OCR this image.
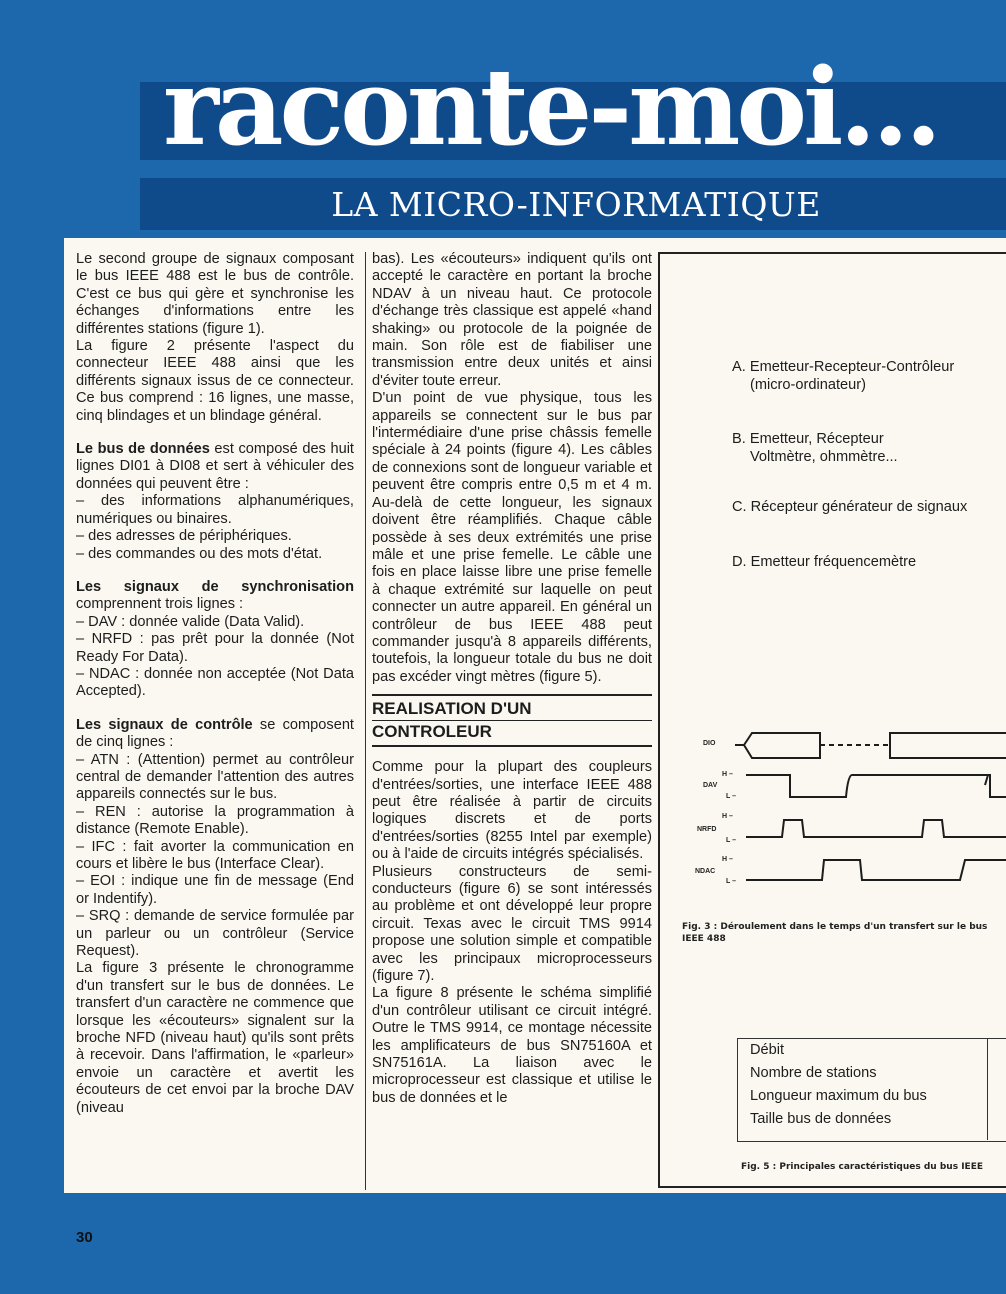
raconte-moi...
LA MICRO-INFORMATIQUE

Le second groupe de signaux composant le bus IEEE 488 est le bus de contrôle. C'est ce bus qui gère et synchronise les échanges d'informations entre les différentes stations (figure 1).

La figure 2 présente l'aspect du connecteur IEEE 488 ainsi que les différents signaux issus de ce connecteur. Ce bus comprend : 16 lignes, une masse, cinq blindages et un blindage général.

Le bus de données est composé des huit lignes DI01 à DI08 et sert à véhiculer des données qui peuvent être :

– des informations alphanumériques, numériques ou binaires.

– des adresses de périphériques.

– des commandes ou des mots d'état.

Les signaux de synchronisation comprennent trois lignes :

– DAV : donnée valide (Data Valid).

– NRFD : pas prêt pour la donnée (Not Ready For Data).

– NDAC : donnée non acceptée (Not Data Accepted).

Les signaux de contrôle se composent de cinq lignes :

– ATN : (Attention) permet au contrôleur central de demander l'attention des autres appareils connectés sur le bus.

– REN : autorise la programmation à distance (Remote Enable).

– IFC : fait avorter la communication en cours et libère le bus (Interface Clear).

– EOI : indique une fin de message (End or Indentify).

– SRQ : demande de service formulée par un parleur ou un contrôleur (Service Request).

La figure 3 présente le chronogramme d'un transfert sur le bus de données. Le transfert d'un caractère ne commence que lorsque les «écouteurs» signalent sur la broche NFD (niveau haut) qu'ils sont prêts à recevoir. Dans l'affirmation, le «parleur» envoie un caractère et avertit les écouteurs de cet envoi par la broche DAV (niveau

bas). Les «écouteurs» indiquent qu'ils ont accepté le caractère en portant la broche NDAV à un niveau haut. Ce protocole d'échange très classique est appelé «hand shaking» ou protocole de la poignée de main. Son rôle est de fiabiliser une transmission entre deux unités et ainsi d'éviter toute erreur.

D'un point de vue physique, tous les appareils se connectent sur le bus par l'intermédiaire d'une prise châssis femelle spéciale à 24 points (figure 4). Les câbles de connexions sont de longueur variable et peuvent être compris entre 0,5 m et 4 m. Au-delà de cette longueur, les signaux doivent être réamplifiés. Chaque câble possède à ses deux extrémités une prise mâle et une prise femelle. Le câble une fois en place laisse libre une prise femelle à chaque extrémité sur laquelle on peut connecter un autre appareil. En général un contrôleur de bus IEEE 488 peut commander jusqu'à 8 appareils différents, toutefois, la longueur totale du bus ne doit pas excéder vingt mètres (figure 5).

REALISATION D'UN
CONTROLEUR

Comme pour la plupart des coupleurs d'entrées/sorties, une interface IEEE 488 peut être réalisée à partir de circuits logiques discrets et de ports d'entrées/sorties (8255 Intel par exemple) ou à l'aide de circuits intégrés spécialisés.

Plusieurs constructeurs de semi-conducteurs (figure 6) se sont intéressés au problème et ont développé leur propre circuit. Texas avec le circuit TMS 9914 propose une solution simple et compatible avec les principaux microprocesseurs (figure 7).

La figure 8 présente le schéma simplifié d'un contrôleur utilisant ce circuit intégré. Outre le TMS 9914, ce montage nécessite les amplificateurs de bus SN75160A et SN75161A. La liaison avec le microprocesseur est classique et utilise le bus de données et le

A. Emetteur-Recepteur-Contrôleur
(micro-ordinateur)
B. Emetteur, Récepteur
Voltmètre, ohmmètre...
C. Récepteur générateur de signaux
D. Emetteur fréquencemètre
DIO
H –
DAV
L –
H –
NRFD
L –
H –
NDAC
L –
Fig. 3 : Déroulement dans le temps d'un transfert sur le bus
IEEE 488
Débit
Nombre de stations
Longueur maximum du bus
Taille bus de données
Fig. 5 : Principales caractéristiques du bus IEEE
30
